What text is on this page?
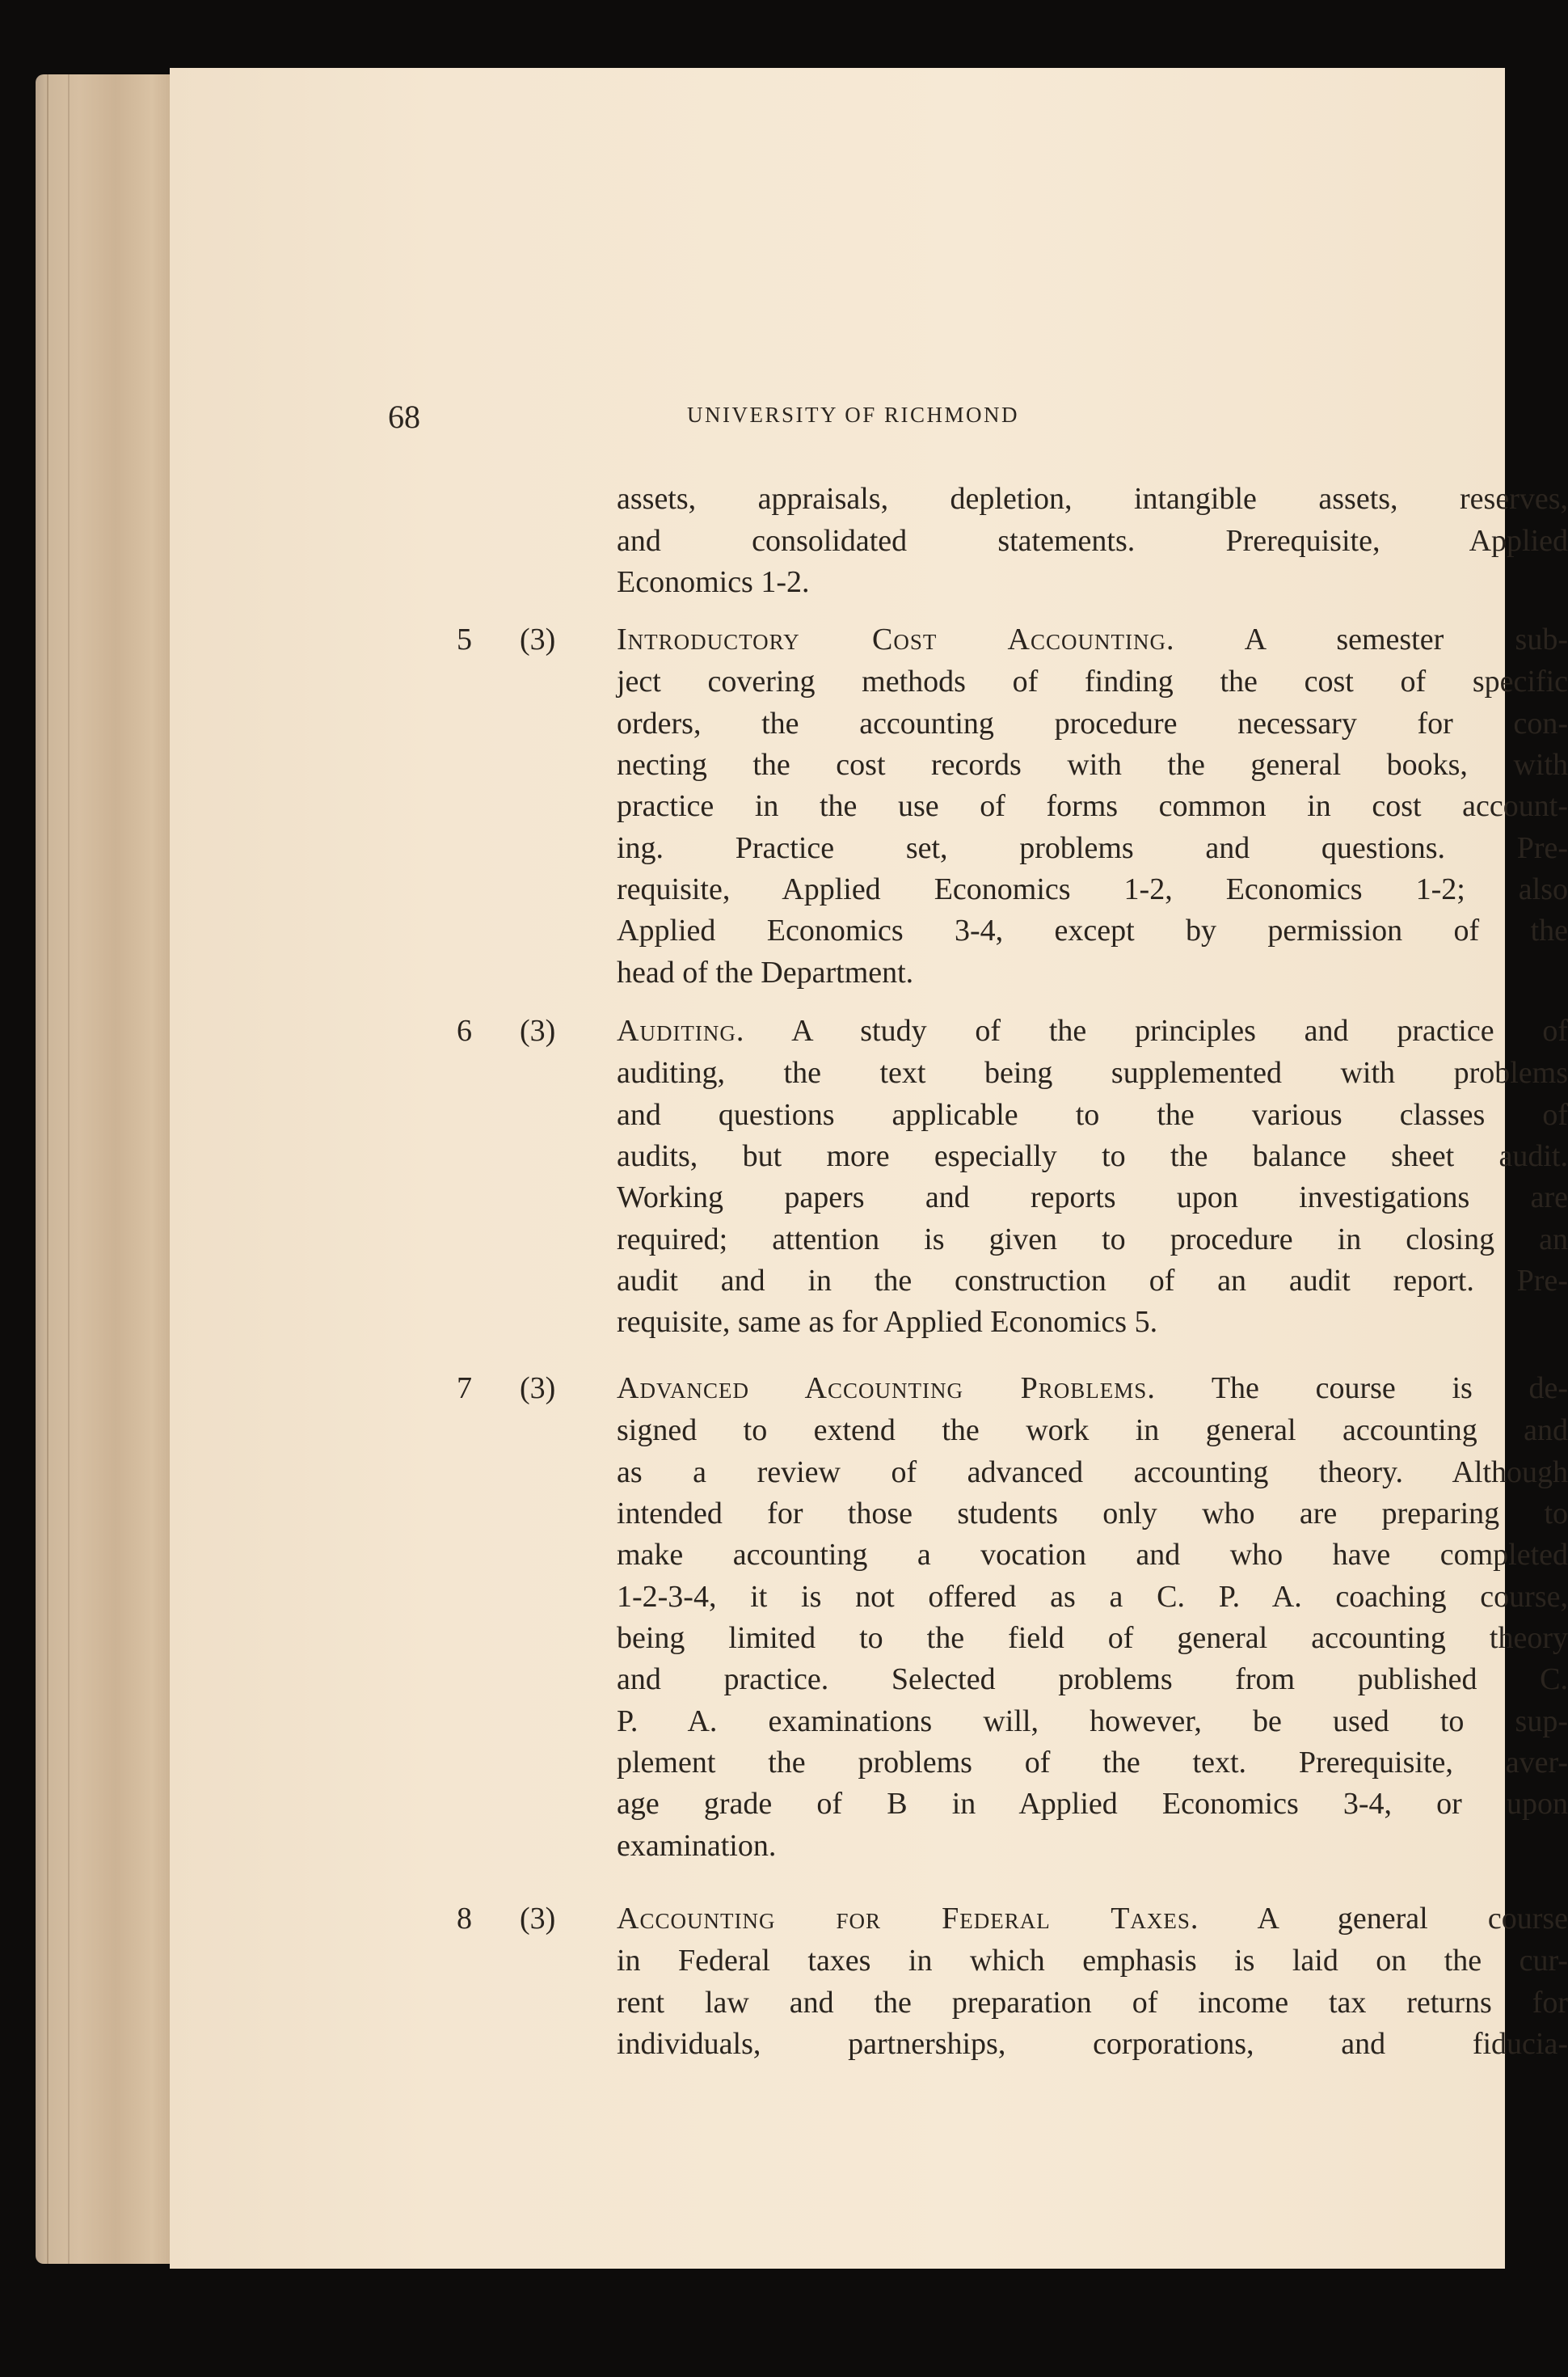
68	UNIVERSITY OF RICHMOND
assets, appraisals, depletion, intangible assets, reserves,
and consolidated statements. Prerequisite, Applied
Economics 1-2.
5 (3) Introductory Cost Accounting. A semester sub-
ject covering methods of finding the cost of specific
orders, the accounting procedure necessary for con-
necting the cost records with the general books, with
practice in the use of forms common in cost account-
ing. Practice set, problems and questions. Pre-
requisite, Applied Economics 1-2, Economics 1-2; also
Applied Economics 3-4, except by permission of the
head of the Department.
6 (3) Auditing. A study of the principles and practice of
auditing, the text being supplemented with problems
and questions applicable to the various classes of
audits, but more especially to the balance sheet audit.
Working papers and reports upon investigations are
required; attention is given to procedure in closing an
audit and in the construction of an audit report. Pre-
requisite, same as for Applied Economics 5.
7 (3) Advanced Accounting Problems. The course is de-
signed to extend the work in general accounting and
as a review of advanced accounting theory. Although
intended for those students only who are preparing to
make accounting a vocation and who have completed
1-2-3-4, it is not offered as a C. P. A. coaching course,
being limited to the field of general accounting theory
and practice. Selected problems from published C.
P. A. examinations will, however, be used to sup-
plement the problems of the text. Prerequisite, aver-
age grade of B in Applied Economics 3-4, or upon
examination.
8 (3) Accounting for Federal Taxes. A general course
in Federal taxes in which emphasis is laid on the cur-
rent law and the preparation of income tax returns for
individuals, partnerships, corporations, and fiducia-
